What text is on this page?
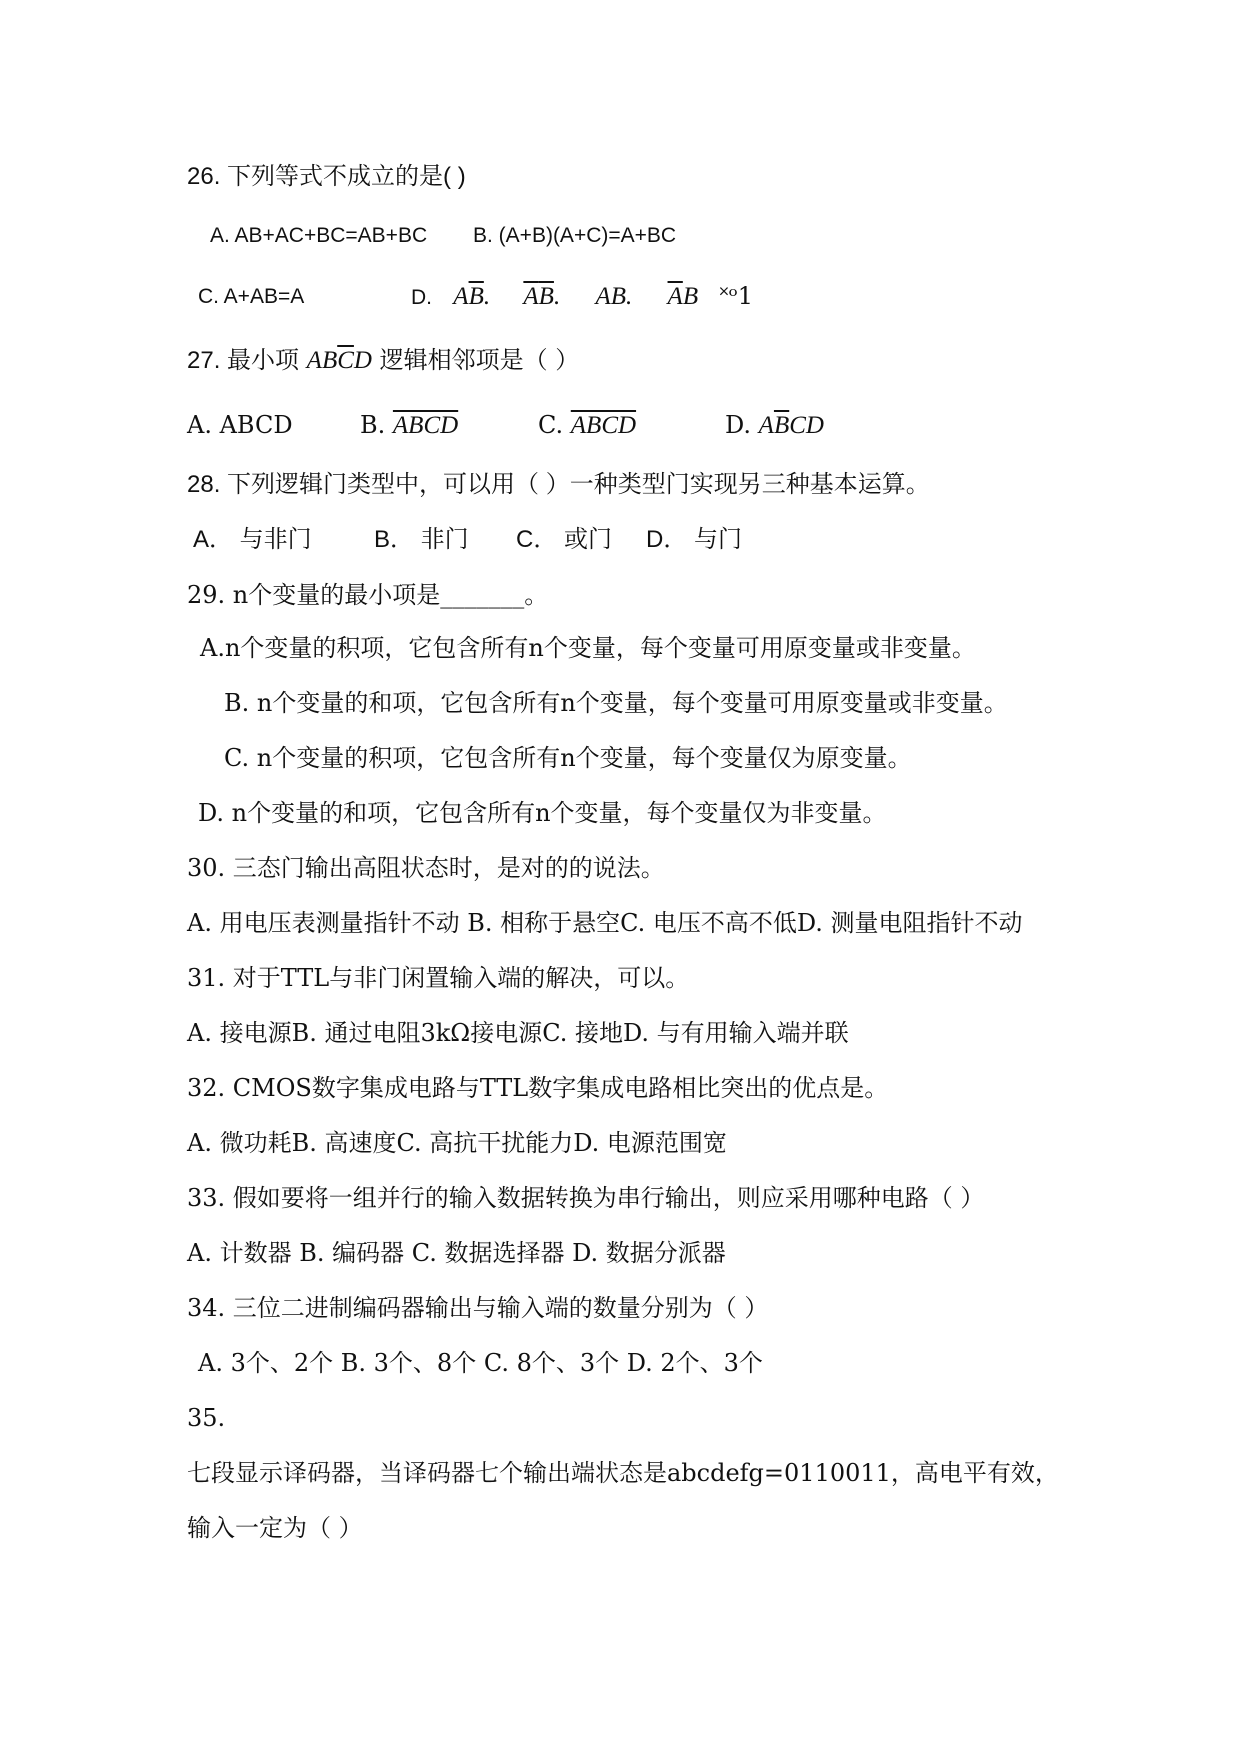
26. 下列等式不成立的是( )
A. AB+AC+BC=AB+BC B. (A+B)(A+C)=A+BC
C. A+AB=A	D. $A\overline{B}$. $\overline{A}\overline{B}$. AB. $\overline{A}B$ ˟ᵒ1
27. 最小项 $AB\overline{C}D$ 逻辑相邻项是（ ）
A. ABCD	B. ABCD	C. ABCD	D. $A\overline{B}CD$
28. 下列逻辑门类型中，可以用（ ）一种类型门实现另三种基本运算。
A． 与非门	B． 非门 C． 或门 D． 与门
29. n个变量的最小项是_______。
A.n个变量的积项，它包含所有n个变量，每个变量可用原变量或非变量。
B. n个变量的和项，它包含所有n个变量，每个变量可用原变量或非变量。
C. n个变量的积项，它包含所有n个变量，每个变量仅为原变量。
D. n个变量的和项，它包含所有n个变量，每个变量仅为非变量。
30. 三态门输出高阻状态时，是对的的说法。
A. 用电压表测量指针不动 B. 相称于悬空C. 电压不高不低D. 测量电阻指针不动
31. 对于TTL与非门闲置输入端的解决，可以。
A. 接电源B. 通过电阻3kΩ接电源C. 接地D. 与有用输入端并联
32. CMOS数字集成电路与TTL数字集成电路相比突出的优点是。
A. 微功耗B. 高速度C. 高抗干扰能力D. 电源范围宽
33. 假如要将一组并行的输入数据转换为串行输出，则应采用哪种电路（ ）
A. 计数器 B. 编码器 C. 数据选择器 D. 数据分派器
34. 三位二进制编码器输出与输入端的数量分别为（ ）
A. 3个、2个 B. 3个、8个 C. 8个、3个 D. 2个、3个
35.
七段显示译码器，当译码器七个输出端状态是abcdefg=0110011，高电平有效，
输入一定为（ ）
